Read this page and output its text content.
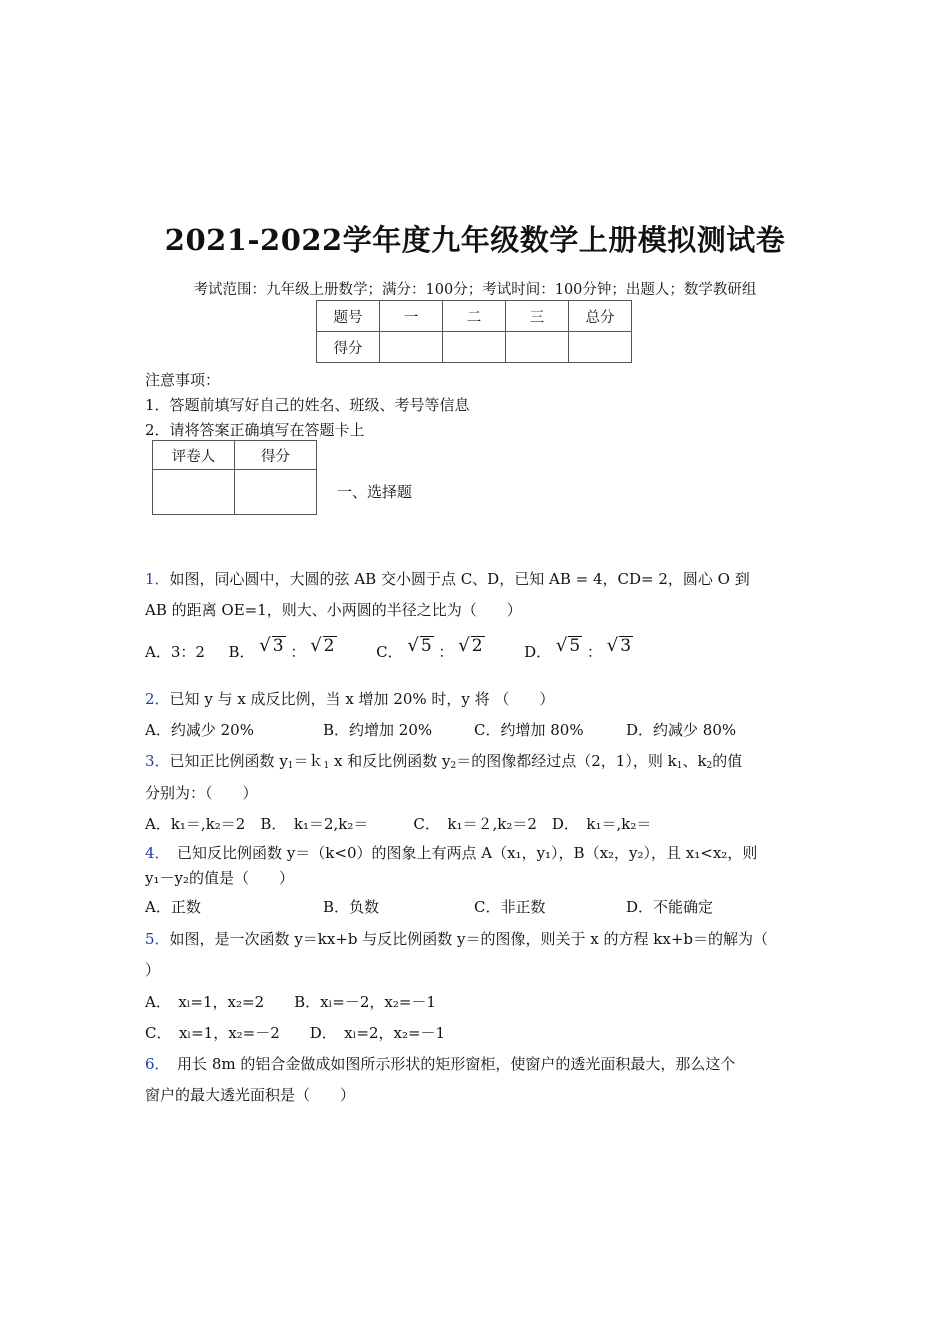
2021-2022学年度九年级数学上册模拟测试卷
考试范围：九年级上册数学；满分：100分；考试时间：100分钟；出题人；数学教研组
题号	一	二	三	总分
得分				
注意事项：
1．答题前填写好自己的姓名、班级、考号等信息
2．请将答案正确填写在答题卡上
评卷人	得分

一、选择题
1．如图，同心圆中，大圆的弦 AB 交小圆于点 C、D，已知 AB = 4，CD= 2，圆心 O 到
AB 的距离 OE=1，则大、小两圆的半径之比为（　　）
A．3：2 B． √ 3 ： √ 2	C． √ 5 ： √ 2	D． √ 5 ： √ 3
2．已知 y 与 x 成反比例，当 x 增加 20% 时，y 将 （　　）
A．约减少 20%	B．约增加 20%	C．约增加 80%	D．约减少 80%
3．已知正比例函数 $y_1=k_1$ x 和反比例函数 $y_2=$的图像都经过点（2，1），则 $k_1$、$k_2$的值
分别为：（　　）
A．k₁＝,k₂＝2　B．　k₁＝2,k₂＝　　　C．　k₁＝２,k₂＝2　D．　k₁＝,k₂＝
4．　已知反比例函数 y＝（k<0）的图象上有两点 A（x₁，y₁），B（x₂，y₂），且 x₁<x₂，则
y₁－y₂的值是（　　）
A．正数	B．负数	C．非正数	D．不能确定
5．如图，是一次函数 y＝kx+b 与反比例函数 y＝的图像，则关于 x 的方程 kx+b＝的解为（
）
A．　xₗ=1，x₂=2　　B．xₗ=－2，x₂=－1
C．　xₗ=1，x₂=－2　　D．　xₗ=2，x₂=－1
6．　用长 8m 的铝合金做成如图所示形状的矩形窗柜，使窗户的透光面积最大，那么这个
窗户的最大透光面积是（　　）
